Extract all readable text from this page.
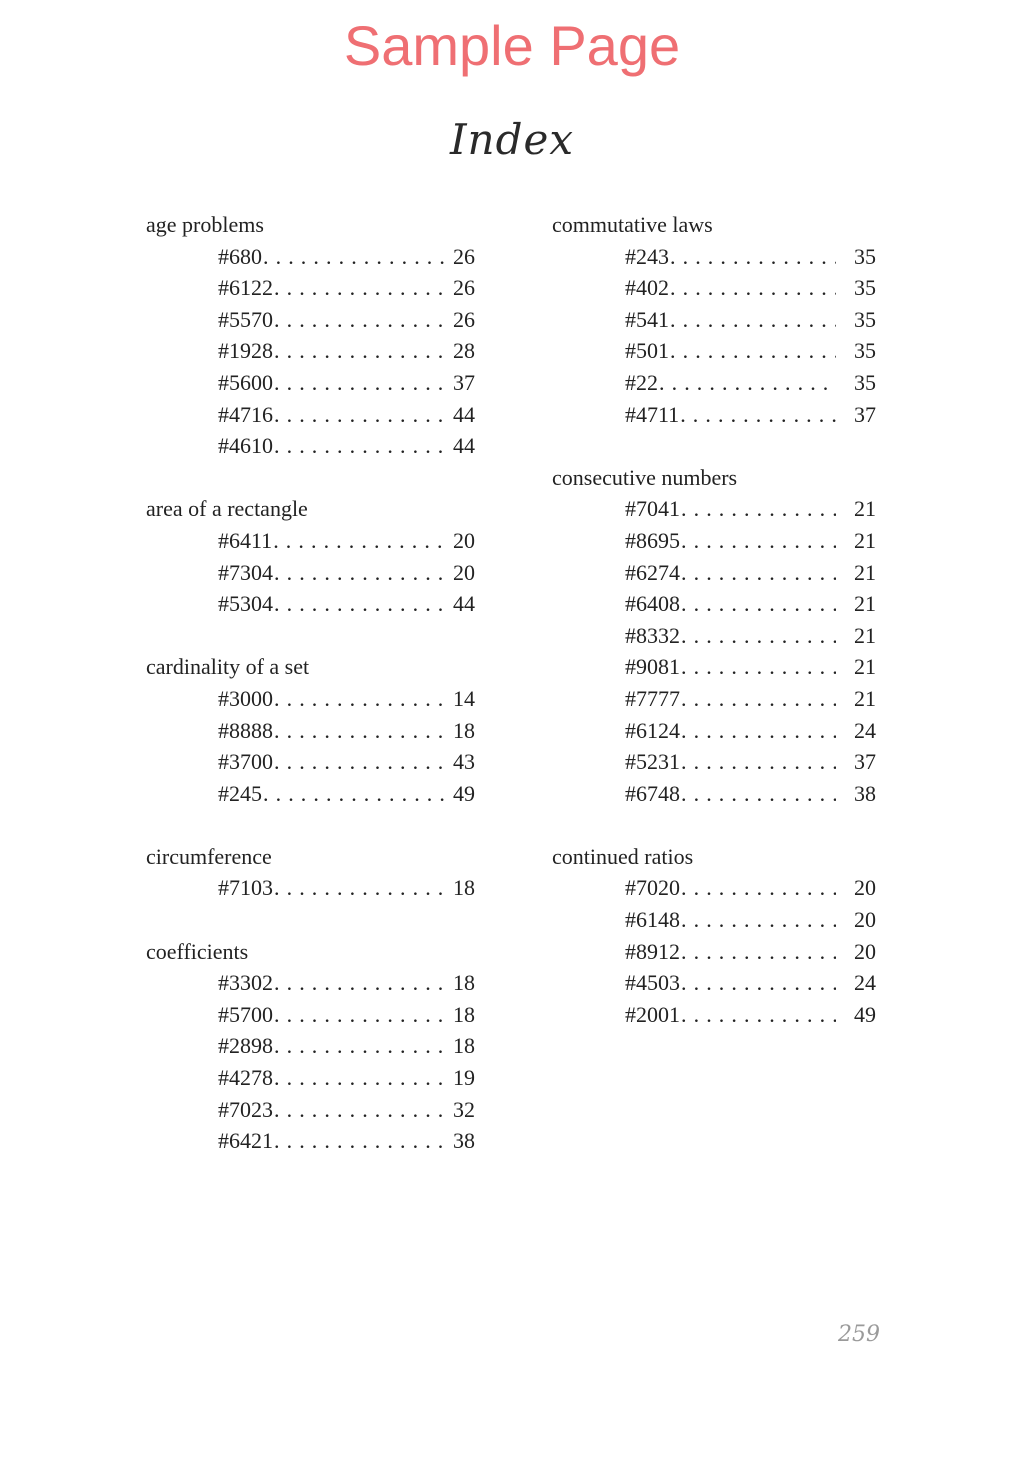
Sample Page
Index
age problems
#680 . . .	26
#6122 . . .	26
#5570 . . .	26
#1928 . . .	28
#5600 . . .	37
#4716 . . .	44
#4610 . . .	44
area of a rectangle
#6411 . . .	20
#7304 . . .	20
#5304 . . .	44
cardinality of a set
#3000 . . .	14
#8888 . . .	18
#3700 . . .	43
#245 . . .	49
circumference
#7103 . . .	18
coefficients
#3302 . . .	18
#5700 . . .	18
#2898 . . .	18
#4278 . . .	19
#7023 . . .	32
#6421 . . .	38
commutative laws
#243 . . .	35
#402 . . .	35
#541 . . .	35
#501 . . .	35
#22 . . .	35
#4711 . . .	37
consecutive numbers
#7041 . . .	21
#8695 . . .	21
#6274 . . .	21
#6408 . . .	21
#8332 . . .	21
#9081 . . .	21
#7777 . . .	21
#6124 . . .	24
#5231 . . .	37
#6748 . . .	38
continued ratios
#7020 . . .	20
#6148 . . .	20
#8912 . . .	20
#4503 . . .	24
#2001 . . .	49
259
